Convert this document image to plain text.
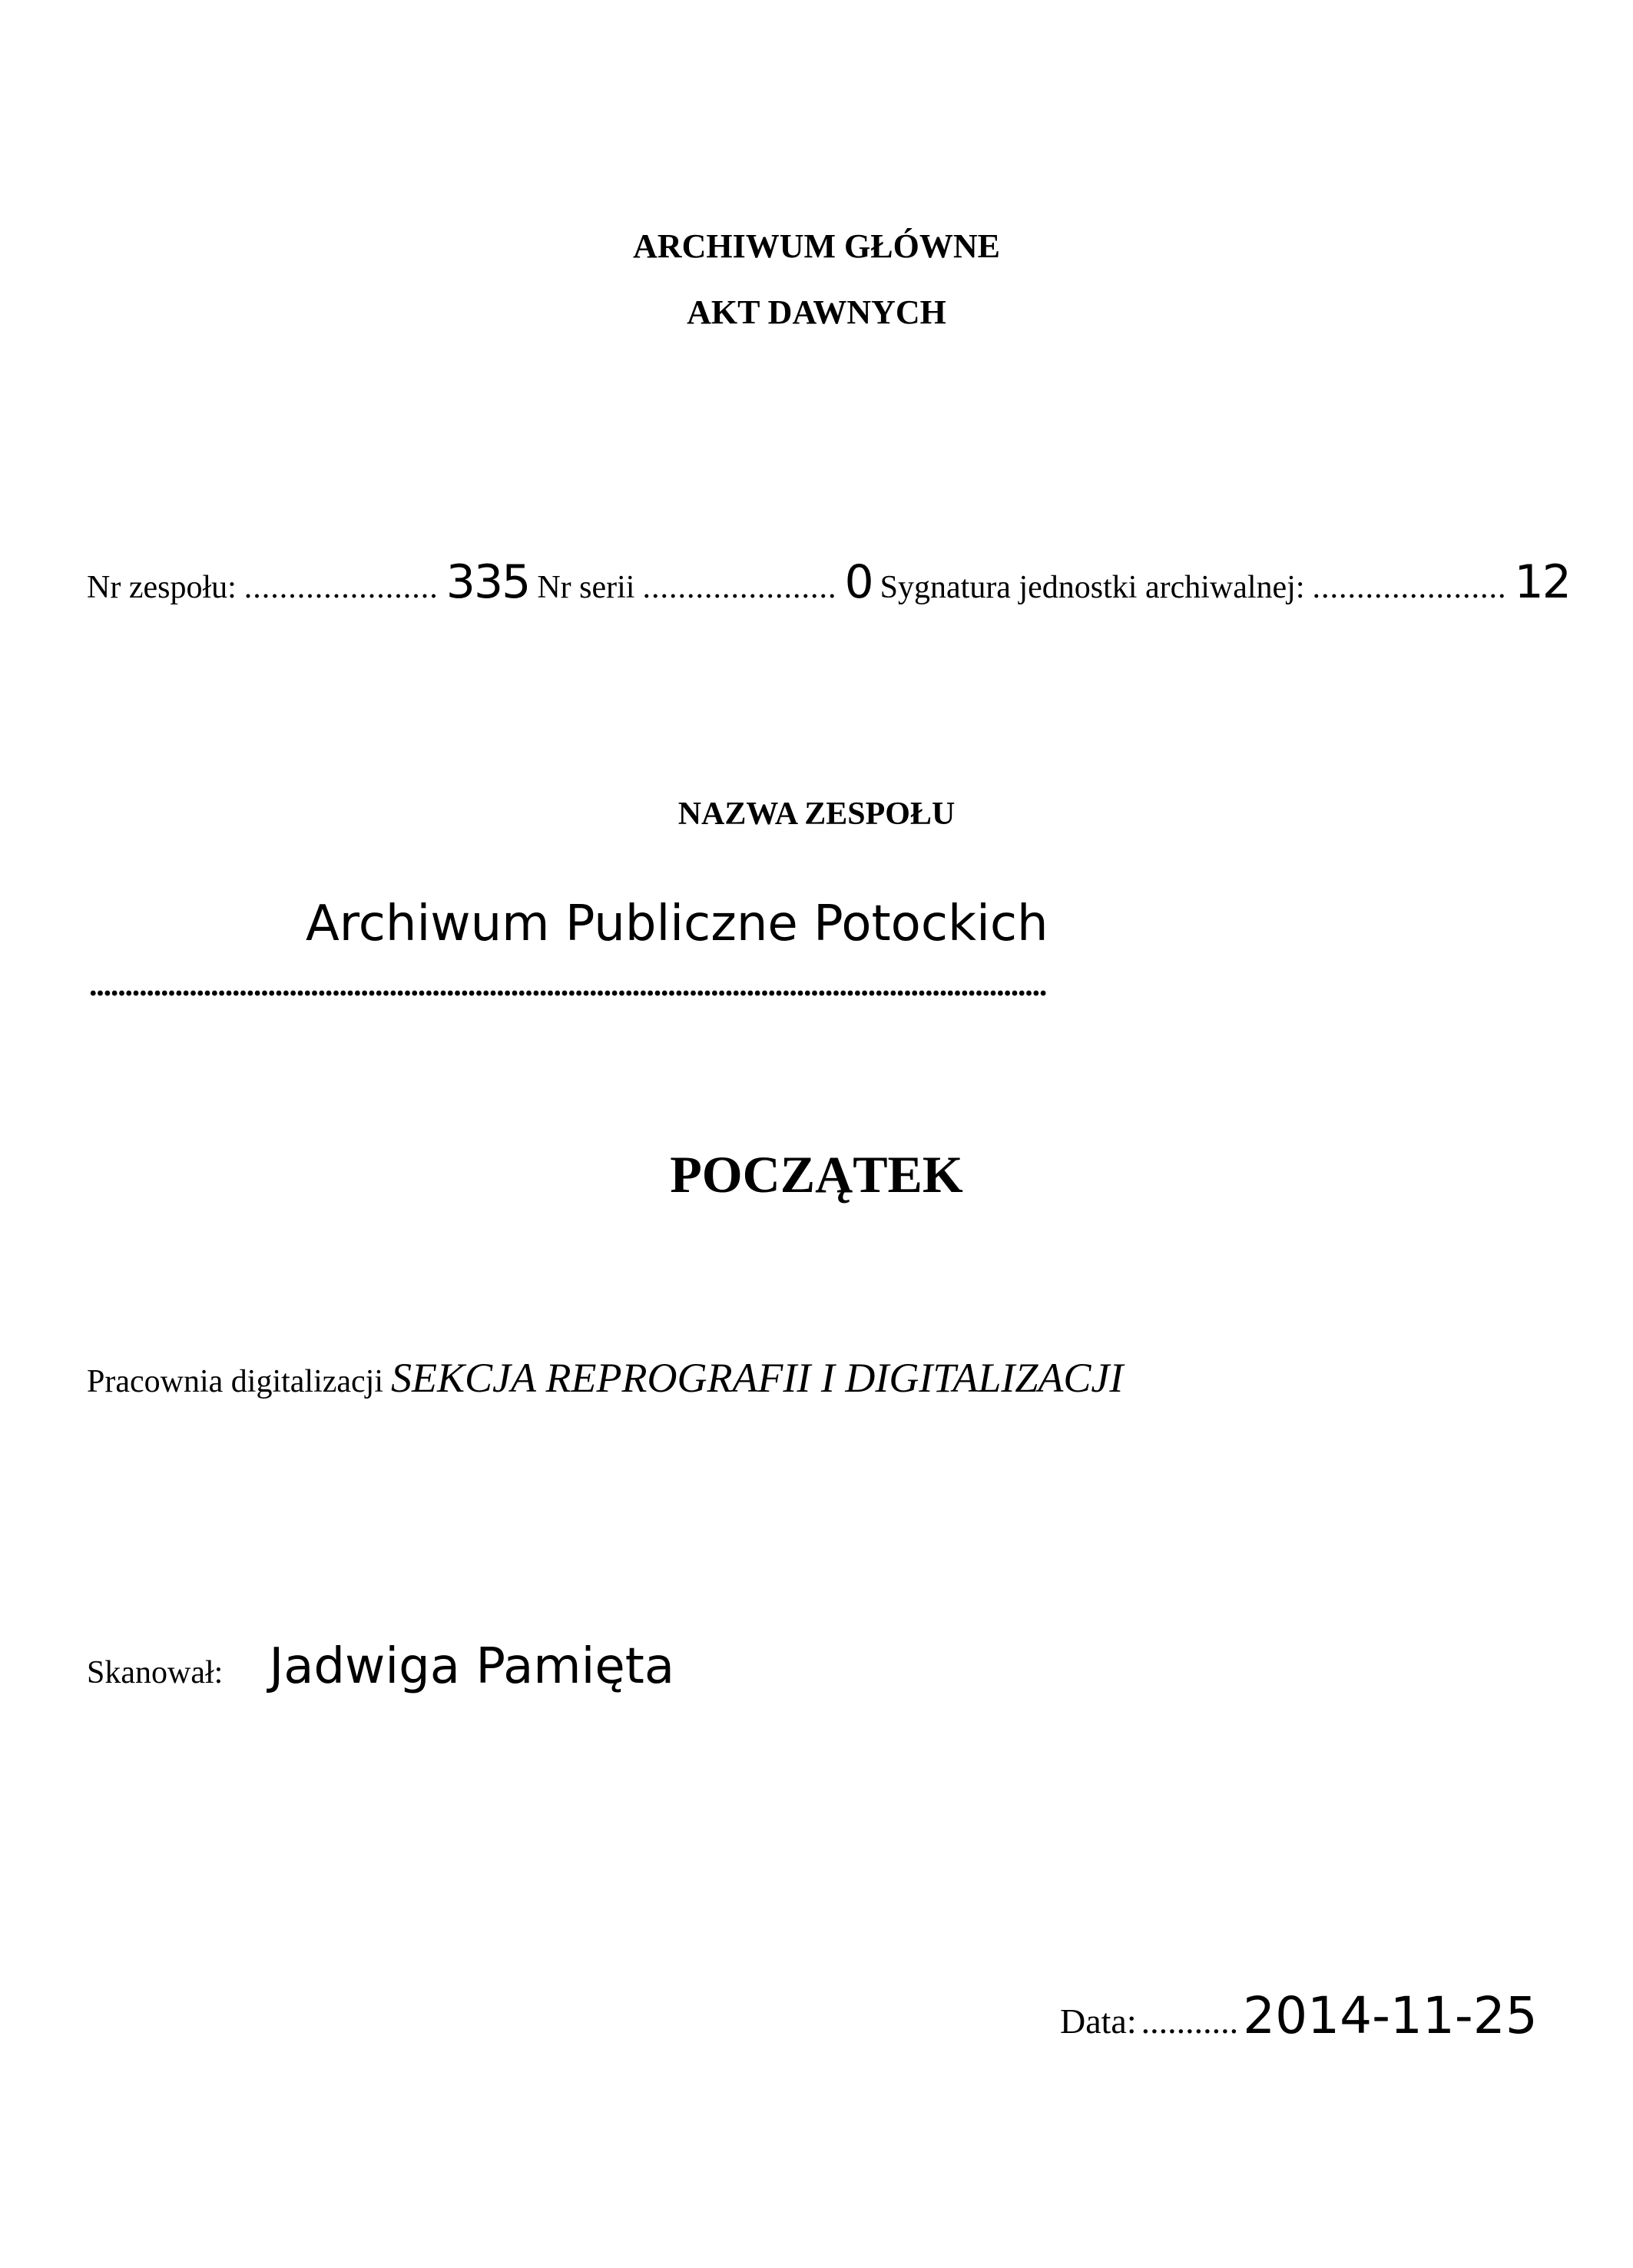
ARCHIWUM GŁÓWNE
AKT DAWNYCH
Nr zespołu: ...................... 335 Nr serii ...................... 0 Sygnatura jednostki archiwalnej: ...................... 12
NAZWA ZESPOŁU
Archiwum Publiczne Potockich
......................................................................................................................................
POCZĄTEK
Pracownia digitalizacji SEKCJA REPROGRAFII I DIGITALIZACJI
Skanował: Jadwiga Pamięta
Data: ........... 2014-11-25
